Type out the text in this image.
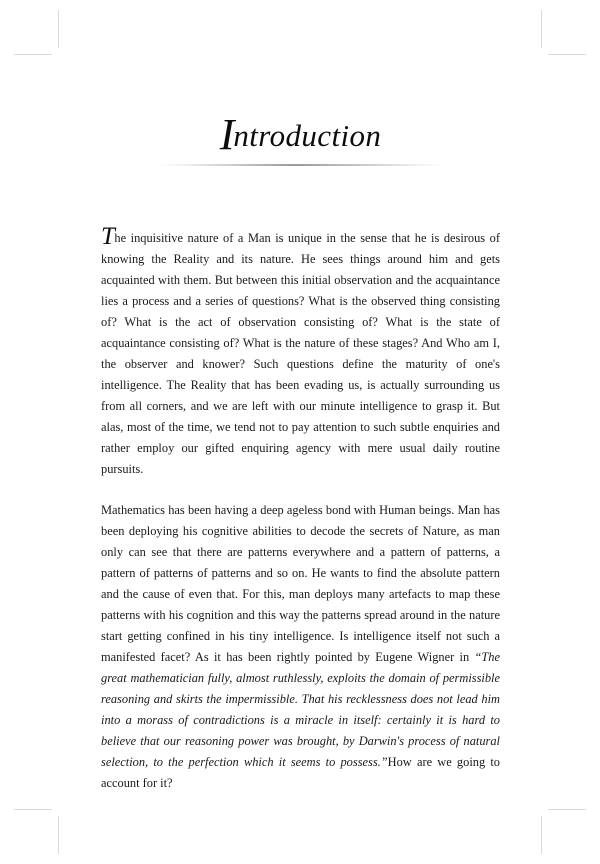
Introduction

The inquisitive nature of a Man is unique in the sense that he is desirous of knowing the Reality and its nature. He sees things around him and gets acquainted with them. But between this initial observation and the acquaintance lies a process and a series of questions? What is the observed thing consisting of? What is the act of observation consisting of? What is the state of acquaintance consisting of? What is the nature of these stages? And Who am I, the observer and knower? Such questions define the maturity of one's intelligence. The Reality that has been evading us, is actually surrounding us from all corners, and we are left with our minute intelligence to grasp it. But alas, most of the time, we tend not to pay attention to such subtle enquiries and rather employ our gifted enquiring agency with mere usual daily routine pursuits.

Mathematics has been having a deep ageless bond with Human beings. Man has been deploying his cognitive abilities to decode the secrets of Nature, as man only can see that there are patterns everywhere and a pattern of patterns, a pattern of patterns of patterns and so on. He wants to find the absolute pattern and the cause of even that. For this, man deploys many artefacts to map these patterns with his cognition and this way the patterns spread around in the nature start getting confined in his tiny intelligence. Is intelligence itself not such a manifested facet? As it has been rightly pointed by Eugene Wigner in “The great mathematician fully, almost ruthlessly, exploits the domain of permissible reasoning and skirts the impermissible. That his recklessness does not lead him into a morass of contradictions is a miracle in itself: certainly it is hard to believe that our reasoning power was brought, by Darwin's process of natural selection, to the perfection which it seems to possess.”How are we going to account for it?
